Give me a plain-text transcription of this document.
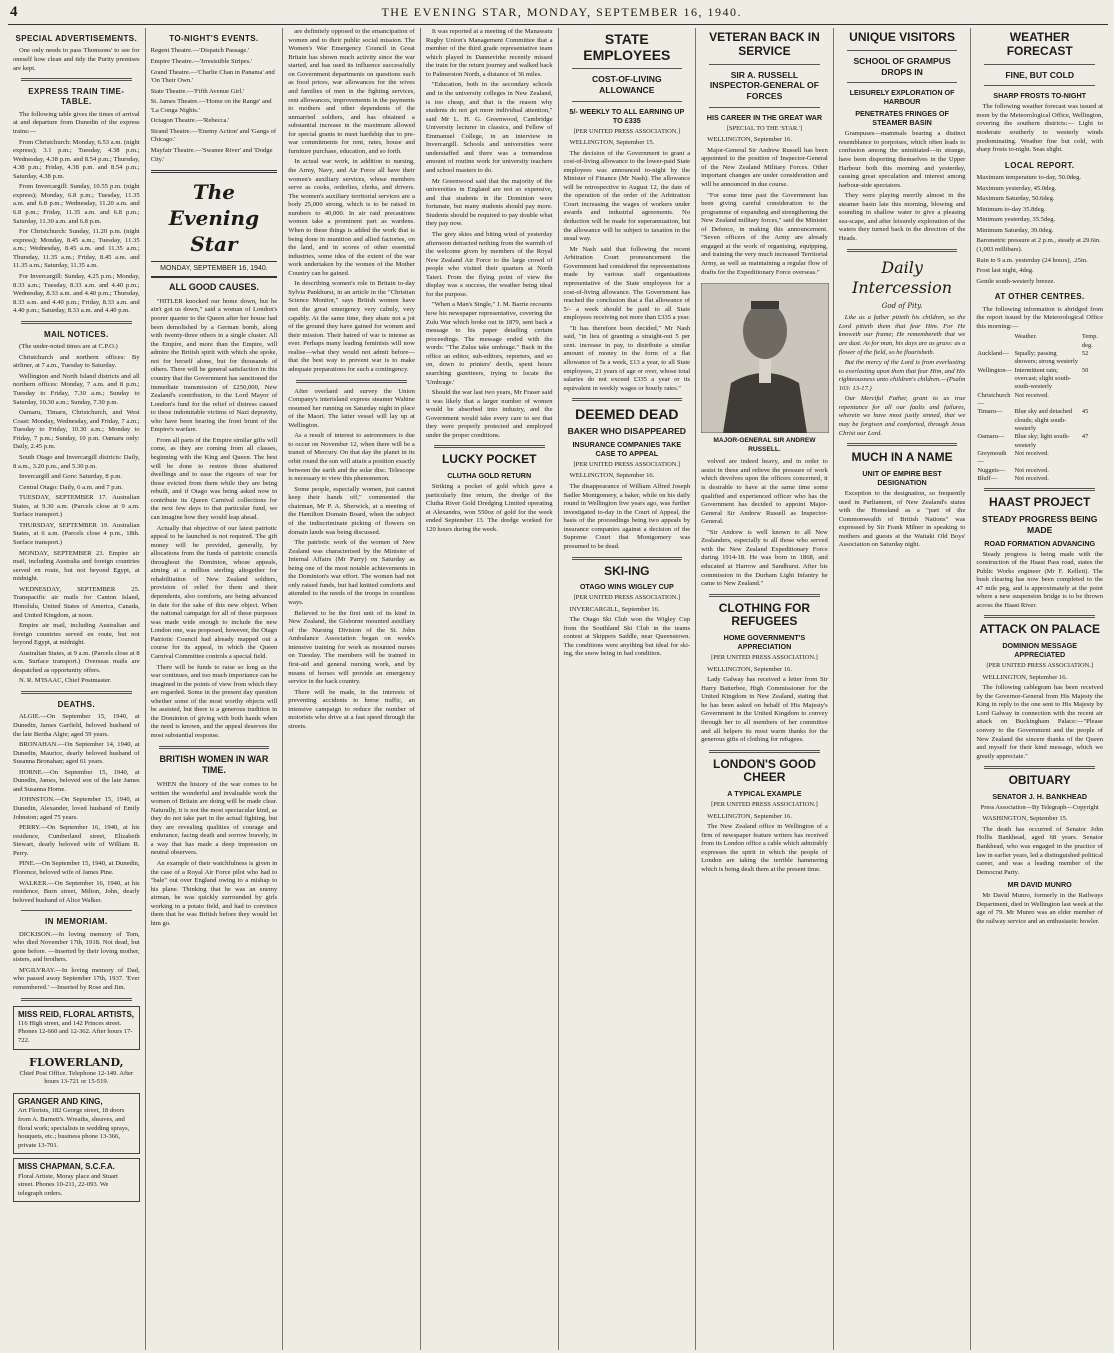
4	THE EVENING STAR, MONDAY, SEPTEMBER 16, 1940.
SPECIAL ADVERTISEMENTS.

One only needs to pass Thomsons' to see for oneself how clean and tidy the Purity premises are kept.

EXPRESS TRAIN TIME-TABLE.

The following table gives the times of arrival at and departure from Dunedin of the express trains:—

From Christchurch: Monday, 6.53 a.m. (night express); 3.1 p.m.; Tuesday, 4.38 p.m.; Wednesday, 4.38 p.m. and 8.54 p.m.; Thursday, 4.38 p.m.; Friday, 4.38 p.m. and 8.54 p.m.; Saturday, 4.38 p.m.

From Invercargill: Sunday, 10.55 p.m. (night express); Monday, 6.8 p.m.; Tuesday, 11.35 a.m. and 6.8 p.m.; Wednesday, 11.20 a.m. and 6.8 p.m.; Friday, 11.35 a.m. and 6.8 p.m.; Saturday, 11.30 a.m. and 6.8 p.m.

For Christchurch: Sunday, 11.20 p.m. (night express); Monday, 8.45 a.m.; Tuesday, 11.35 a.m.; Wednesday, 8.45 a.m. and 11.35 a.m.; Thursday, 11.35 a.m.; Friday, 8.45 a.m. and 11.35 a.m.; Saturday, 11.35 a.m.

For Invercargill: Sunday, 4.25 p.m.; Monday, 8.33 a.m.; Tuesday, 8.33 a.m. and 4.40 p.m.; Wednesday, 8.33 a.m. and 4.40 p.m.; Thursday, 8.33 a.m. and 4.40 p.m.; Friday, 8.33 a.m. and 4.40 p.m.; Saturday, 8.33 a.m. and 4.40 p.m.

MAIL NOTICES.

(The under-noted times are at C.P.O.)

Christchurch and northern offices: By airliner, at 7 a.m., Tuesday to Saturday.

Wellington and North Island districts and all northern offices: Monday, 7 a.m. and 8 p.m.; Tuesday to Friday, 7.30 a.m.; Sunday to Saturday, 10.30 a.m.; Sunday, 7.30 p.m.

Oamaru, Timaru, Christchurch, and West Coast: Monday, Wednesday, and Friday, 7 a.m.; Tuesday to Friday, 10.30 a.m.; Monday to Friday, 7 p.m.; Sunday, 10 p.m. Oamaru only: Daily, 2.45 p.m.

South Otago and Invercargill districts: Daily, 8 a.m., 3.20 p.m., and 5.30 p.m.

Invercargill and Gore: Saturday, 8 p.m.

Central Otago: Daily, 6 a.m. and 7 p.m.

TUESDAY, SEPTEMBER 17. Australian States, at 9.30 a.m. (Parcels close at 9 a.m. Surface transport.)

THURSDAY, SEPTEMBER 19. Australian States, at 6 a.m. (Parcels close 4 p.m., 18th. Surface transport.)

MONDAY, SEPTEMBER 23. Empire air mail, including Australia and foreign countries served en route, but not beyond Egypt, at midnight.

WEDNESDAY, SEPTEMBER 25. Transpacific air mails for Canton Island, Honolulu, United States of America, Canada, and United Kingdom, at noon.

Empire air mail, including Australian and foreign countries served en route, but not beyond Egypt, at midnight.

Australian States, at 9 a.m. (Parcels close at 8 a.m. Surface transport.) Overseas mails are despatched as opportunity offers.

N. R. M'ISAAC, Chief Postmaster.

DEATHS.

ALGIE.—On September 15, 1940, at Dunedin, James Garfield, beloved husband of the late Bertha Algie; aged 59 years.

BRONAHAN.—On September 14, 1940, at Dunedin, Maurice, dearly beloved husband of Susanna Bronahan; aged 61 years.

HORNE.—On September 15, 1940, at Dunedin, James, beloved son of the late James and Susanna Horne.

JOHNSTON.—On September 15, 1940, at Dunedin, Alexander, loved husband of Emily Johnston; aged 75 years.

PERRY.—On September 16, 1940, at his residence, Cumberland street, Elizabeth Stewart, dearly beloved wife of William R. Perry.

PINE.—On September 15, 1940, at Dunedin, Florence, beloved wife of James Pine.

WALKER.—On September 16, 1940, at his residence, Burn street, Milton, John, dearly beloved husband of Alice Walker.

IN MEMORIAM.

DICKISON.—In loving memory of Tom, who died November 17th, 1918. Not dead, but gone before. —Inserted by their loving mother, sisters, and brothers.

M'GILVRAY.—In loving memory of Dad, who passed away September 17th, 1937. 'Ever remembered.' —Inserted by Rose and Jim.

MISS REID, FLORAL ARTISTS,
116 High street, and 142 Princes street. Phones 12-660 and 12-362. After hours 17-722.
FLOWERLAND,
Chief Post Office. Telephone 12-149. After hours 13-721 or 15-519.
GRANGER AND KING,
Art Florists, 182 George street, 18 doors from A. Barnett's. Wreaths, sheaves, and floral work; specialists in wedding sprays, bouquets, etc.; business phone 13-366, private 13-701.
MISS CHAPMAN, S.C.F.A.
Floral Artiste, Moray place and Stuart street. Phones 10-211, 22-093. We telegraph orders.
TO-NIGHT'S EVENTS.
Regent Theatre.—'Dispatch Passage.'
Empire Theatre.—'Irresistible Stripes.'
Grand Theatre.—'Charlie Chan in Panama' and 'On Their Own.'
State Theatre.—'Fifth Avenue Girl.'
St. James Theatre.—'Home on the Range' and 'La Conga Nights.'
Octagon Theatre.—'Rebecca.'
Strand Theatre.—'Enemy Action' and 'Gangs of Chicago.'
Mayfair Theatre.—'Swanee River' and 'Dodge City.'
The Evening Star
MONDAY, SEPTEMBER 16, 1940.
ALL GOOD CAUSES.

"HITLER knocked our home down, but he ain't got us down," said a woman of London's poorer quarter to the Queen after her house had been demolished by a German bomb, along with twenty-three others in a single cluster. All the Empire, and more than the Empire, will admire the British spirit with which she spoke, not for herself alone, but for thousands of others. There will be general satisfaction in this country that the Government has sanctioned the immediate transmission of £250,000, New Zealand's contribution, to the Lord Mayor of London's fund for the relief of distress caused to these indomitable victims of Nazi depravity, who have been bearing the front brunt of the Empire's warfare.

From all parts of the Empire similar gifts will come, as they are coming from all classes, beginning with the King and Queen. The best will be done to restore those shattered dwellings and to ease the rigours of war for those evicted from them while they are being rebuilt, and if Otago was being asked now to contribute its Queen Carnival collections for the next few days to that particular fund, we can imagine how they would leap ahead.

Actually that objective of our latest patriotic appeal to be launched is not required. The gift money will be provided, generally, by allocations from the funds of patriotic councils throughout the Dominion, whose appeals, aiming at a million sterling altogether for rehabilitation of New Zealand soldiers, provision of relief for them and their dependents, also comforts, are being advanced in date for the sake of this new object. When the national campaign for all of these purposes was made wide enough to include the new London one, was proposed, however, the Otago Patriotic Council had already mapped out a course for its appeal, in which the Queen Carnival Committee controls a special field.

There will be funds to raise so long as the war continues, and too much importance can be imagined in the points of view from which they are regarded. Some in the present day question whether some of the most worthy objects will be assisted, but there is a generous tradition in the Dominion of giving with both hands when the need is known, and the appeal deserves the most substantial response.

BRITISH WOMEN IN WAR TIME.

WHEN the history of the war comes to be written the wonderful and invaluable work the women of Britain are doing will be made clear. Naturally, it is not the most spectacular kind, as they do not take part in the actual fighting, but they are revealing qualities of courage and endurance, facing death and sorrow bravely, in a way that has made a deep impression on neutral observers.

An example of their watchfulness is given in the case of a Royal Air Force pilot who had to "bale" out over England owing to a mishap to his plane. Thinking that he was an enemy airman, he was quickly surrounded by girls working in a potato field, and had to convince them that he was British before they would let him go.

are definitely opposed to the emancipation of women and to their public social mission. The Women's War Emergency Council in Great Britain has shown much activity since the war started, and has used its influence successfully on Government departments on questions such as food prices, war allowances for the wives and families of men in the fighting services, rent allowances, improvements in the payments to mothers and other dependents of the unmarried soldiers, and has obtained a substantial increase in the maximum allowed for special grants to meet hardship due to pre-war commitments for rent, rates, house and furniture purchase, education, and so forth.

In actual war work, in addition to nursing, the Army, Navy, and Air Force all have their women's auxiliary services, whose members serve as cooks, orderlies, clerks, and drivers. The women's auxiliary territorial services are a body 25,000 strong, which is to be raised in numbers to 40,000. In air raid precautions women take a prominent part as wardens. When to these things is added the work that is being done in munition and allied factories, on the land, and in scores of other essential industries, some idea of the extent of the war work undertaken by the women of the Mother Country can be gained.

In describing women's role in Britain to-day Sylvia Pankhurst, in an article in the "Christian Science Monitor," says British women have met the great emergency very calmly, very capably. At the same time, they abate not a jot of the ground they have gained for women and their mission. Their hatred of war is intense as ever. Perhaps many leading feminists will now realise—what they would not admit before—that the best way to prevent war is to make adequate preparations for such a contingency.

After overland and survey the Union Company's interisland express steamer Wahine resumed her running on Saturday night in place of the Maori. The latter vessel will lay up at Wellington.

As a result of interest to astronomers is due to occur on November 12, when there will be a transit of Mercury. On that day the planet in its orbit round the sun will attain a position exactly between the earth and the solar disc. Telescope is necessary to view this phenomenon.

Some people, especially women, just cannot keep their hands off," commented the chairman, Mr P. A. Sherwick, at a meeting of the Hamilton Domain Board, when the subject of the indiscriminate picking of flowers on domain lands was being discussed.

The patriotic work of the women of New Zealand was characterised by the Minister of Internal Affairs (Mr Parry) on Saturday as being one of the most notable achievements in the Dominion's war effort. The women had not only raised funds, but had knitted comforts and attended to the needs of the troops in countless ways.

Believed to be the first unit of its kind in New Zealand, the Gisborne mounted auxiliary of the Nursing Division of the St. John Ambulance Association began on week's intensive training for work as mounted nurses on Tuesday. The members will be trained in first-aid and general nursing work, and by means of horses will provide an emergency service in the back country.

There will be made, in the interests of preventing accidents to horse traffic, an intensive campaign to reduce the number of motorists who drive at a fast speed through the streets.

It was reported at a meeting of the Manawatu Rugby Union's Management Committee that a member of the third grade representative team which played in Dannevirke recently missed the train for the return journey and walked back to Palmerston North, a distance of 36 miles.

"Education, both in the secondary schools and in the university colleges in New Zealand, is too cheap, and that is the reason why students do not get more individual attention," said Mr L. H. G. Greenwood, Cambridge University lecturer in classics, and Fellow of Emmanuel College, in an interview in Invercargill. Schools and universities were understaffed and there was a tremendous amount of routine work for university teachers and school masters to do.

Mr Greenwood said that the majority of the universities in England are not so expensive, and that students in the Dominion were fortunate, but many students should pay more. Students should be required to pay double what they pay now.

The grey skies and biting wind of yesterday afternoon detracted nothing from the warmth of the welcome given by members of the Royal New Zealand Air Force to the large crowd of people who visited their quarters at North Taieri. From the flying point of view the display was a success, the weather being ideal for the purpose.

"When a Man's Single," J. M. Barrie recounts how his newspaper representative, covering the Zulu War which broke out in 1879, sent back a message to his paper detailing certain proceedings. The message ended with the words: "The Zulus take umbrage." Back in the office an editor, sub-editors, reporters, and so on, down to printers' devils, spent hours searching gazetteers, trying to locate the 'Umbrage.'

Should the war last two years, Mr Fraser said it was likely that a larger number of women would be absorbed into industry, and the Government would take every care to see that they were properly protected and employed under the proper conditions.

LUCKY POCKET
CLUTHA GOLD RETURN

Striking a pocket of gold which gave a particularly fine return, the dredge of the Clutha River Gold Dredging Limited operating at Alexandra, won 550oz of gold for the week ended September 13. The dredge worked for 120 hours during the week.

STATE EMPLOYEES
COST-OF-LIVING ALLOWANCE
5/- WEEKLY TO ALL EARNING UP TO £335
[PER UNITED PRESS ASSOCIATION.]
WELLINGTON, September 15.

The decision of the Government to grant a cost-of-living allowance to the lower-paid State employees was announced to-night by the Minister of Finance (Mr Nash). The allowance will be retrospective to August 12, the date of the operation of the order of the Arbitration Court increasing the wages of workers under awards and industrial agreements. No deduction will be made for superannuation, but the allowance will be subject to taxation in the usual way.

Mr Nash said that following the recent Arbitration Court pronouncement the Government had considered the representations made by various staff organisations representative of the State employees for a cost-of-living allowance. The Government has reached the conclusion that a flat allowance of 5/- a week should be paid to all State employees receiving not more than £335 a year.

"It has therefore been decided," Mr Nash said, "in lieu of granting a straight-out 5 per cent. increase in pay, to distribute a similar amount of money in the form of a flat allowance of 5s a week, £13 a year, to all State employees, 21 years of age or over, whose total salaries do not exceed £335 a year or its equivalent in weekly wages or hourly rates."

DEEMED DEAD
BAKER WHO DISAPPEARED
INSURANCE COMPANIES TAKE CASE TO APPEAL
[PER UNITED PRESS ASSOCIATION.]
WELLINGTON, September 16.

The disappearance of William Alfred Joseph Sadler Montgomery, a baker, while on his daily round in Wellington five years ago, was further investigated to-day in the Court of Appeal, the basis of the proceedings being two appeals by insurance companies against a decision of the Supreme Court that Montgomery was presumed to be dead.

SKI-ING
OTAGO WINS WIGLEY CUP
[PER UNITED PRESS ASSOCIATION.]
INVERCARGILL, September 16.

The Otago Ski Club won the Wigley Cup from the Southland Ski Club in the teams contest at Skippers Saddle, near Queenstown. The conditions were anything but ideal for ski-ing, the snow being in bad condition.

VETERAN BACK IN SERVICE
SIR A. RUSSELL INSPECTOR-GENERAL OF FORCES
HIS CAREER IN THE GREAT WAR
[SPECIAL TO THE 'STAR.']
WELLINGTON, September 16.

Major-General Sir Andrew Russell has been appointed to the position of Inspector-General of the New Zealand Military Forces. Other important changes are under consideration and will be announced in due course.

"For some time past the Government has been giving careful consideration to the programme of expanding and strengthening the New Zealand military forces," said the Minister of Defence, in making this announcement. "Seven officers of the Army are already engaged at the work of organising, equipping, and training the very much increased Territorial Army, as well as maintaining a regular flow of drafts for the Expeditionary Force overseas."

MAJOR-GENERAL SIR ANDREW RUSSELL.

volved are indeed heavy, and in order to assist in these and relieve the pressure of work which devolves upon the officers concerned, it is desirable to have at the same time some qualified and experienced officer who has the Government has decided to appoint Major-General Sir Andrew Russell as Inspector-General.

"Sir Andrew is well known to all New Zealanders, especially to all those who served with the New Zealand Expeditionary Force during 1914-18. He was born in 1868, and educated at Harrow and Sandhurst. After his commission in the Durham Light Infantry he came to New Zealand."

CLOTHING FOR REFUGEES
HOME GOVERNMENT'S APPRECIATION
[PER UNITED PRESS ASSOCIATION.]
WELLINGTON, September 16.

Lady Galway has received a letter from Sir Harry Batterbee, High Commissioner for the United Kingdom in New Zealand, stating that he has been asked on behalf of His Majesty's Government in the United Kingdom to convey through her to all members of her committee and all helpers its most warm thanks for the generous gifts of clothing for refugees.

LONDON'S GOOD CHEER
A TYPICAL EXAMPLE
[PER UNITED PRESS ASSOCIATION.]
WELLINGTON, September 16.

The New Zealand office in Wellington of a firm of newspaper feature writers has received from its London office a cable which admirably expresses the spirit in which the people of London are taking the terrible hammering which is being dealt them at the present time.

UNIQUE VISITORS
SCHOOL OF GRAMPUS DROPS IN
LEISURELY EXPLORATION OF HARBOUR
PENETRATES FRINGES OF STEAMER BASIN

Grampuses—mammals bearing a distinct resemblance to porpoises, which often leads to confusion among the uninitiated—in strange, have been disporting themselves in the Upper Harbour both this morning and yesterday, causing great speculation and interest among harbour-side spectators.

They were playing merrily almost in the steamer basin late this morning, blowing and sounding in shallow water to give a pleasing sea-scape, and after leisurely exploration of the waters they turned back in the direction of the Heads.

Daily Intercession
God of Pity.

Like as a father pitieth his children, so the Lord pitieth them that fear Him. For He knoweth our frame; He remembereth that we are dust. As for man, his days are as grass: as a flower of the field, so he flourisheth.

But the mercy of the Lord is from everlasting to everlasting upon them that fear Him, and His righteousness unto children's children.—(Psalm 103: 13-17.)

Our Merciful Father, grant to us true repentance for all our faults and failures, wherein we have most justly sinned, that we may be forgiven and comforted, through Jesus Christ our Lord.

MUCH IN A NAME
UNIT OF EMPIRE BEST DESIGNATION

Exception to the designation, so frequently used in Parliament, of New Zealand's status with the Homeland as a "part of the Commonwealth of British Nations" was expressed by Sir Frank Milner in speaking to mothers and guests at the Waitaki Old Boys' Association on Saturday night.

WEATHER FORECAST
FINE, BUT COLD
SHARP FROSTS TO-NIGHT

The following weather forecast was issued at noon by the Meteorological Office, Wellington, covering the southern districts:— Light to moderate southerly to westerly winds predominating. Weather fine but cold, with sharp frosts to-night. Seas slight.

LOCAL REPORT.
Maximum temperature to-day, 50.0deg.
Maximum yesterday, 45.0deg.
Maximum Saturday, 50.6deg.
Minimum to-day 35.8deg.
Minimum yesterday, 35.5deg.
Minimum Saturday, 39.0deg.
Barometric pressure at 2 p.m., steady at 29.6in. (1,003 millibars).
Rain to 9 a.m. yesterday (24 hours), .25in.
Frost last night, 4deg.
Gentle south-westerly breeze.
AT OTHER CENTRES.

The following information is abridged from the report issued by the Meteorological Office this morning:—

	Weather.	Temp. deg.
Auckland—	Squally; passing showers; strong westerly	52
Wellington—	Intermittent rain; overcast; slight south-south-westerly	50
Christchurch—	Not received.	
Timaru—	Blue sky and detached clouds; slight south-westerly	45
Oamaru—	Blue sky; light south-westerly	47
Greymouth—	Not received.	
Nuggets—	Not received.	
Bluff—	Not received.	
HAAST PROJECT
STEADY PROGRESS BEING MADE
ROAD FORMATION ADVANCING

Steady progress is being made with the construction of the Haast Pass road, states the Public Works engineer (Mr F. Kellett). The bush clearing has now been completed to the 47 mile peg, and is approximately at the point where a new suspension bridge is to be thrown across the Haast River.

ATTACK ON PALACE
DOMINION MESSAGE APPRECIATED
[PER UNITED PRESS ASSOCIATION.]
WELLINGTON, September 16.

The following cablegram has been received by the Governor-General from His Majesty the King in reply to the one sent to His Majesty by Lord Galway in connection with the recent air attack on Buckingham Palace:—"Please convey to the Government and the people of New Zealand the sincere thanks of the Queen and myself for their kind message, which we greatly appreciate."

OBITUARY
SENATOR J. H. BANKHEAD
Press Association—By Telegraph—Copyright
WASHINGTON, September 15.

The death has occurred of Senator John Hollis Bankhead, aged 68 years. Senator Bankhead, who was engaged in the practice of law in earlier years, led a distinguished political career, and was a leading member of the Democrat Party.

MR DAVID MUNRO

Mr David Munro, formerly in the Railways Department, died in Wellington last week at the age of 79. Mr Munro was an elder member of the railway service and an enthusiastic bowler.
